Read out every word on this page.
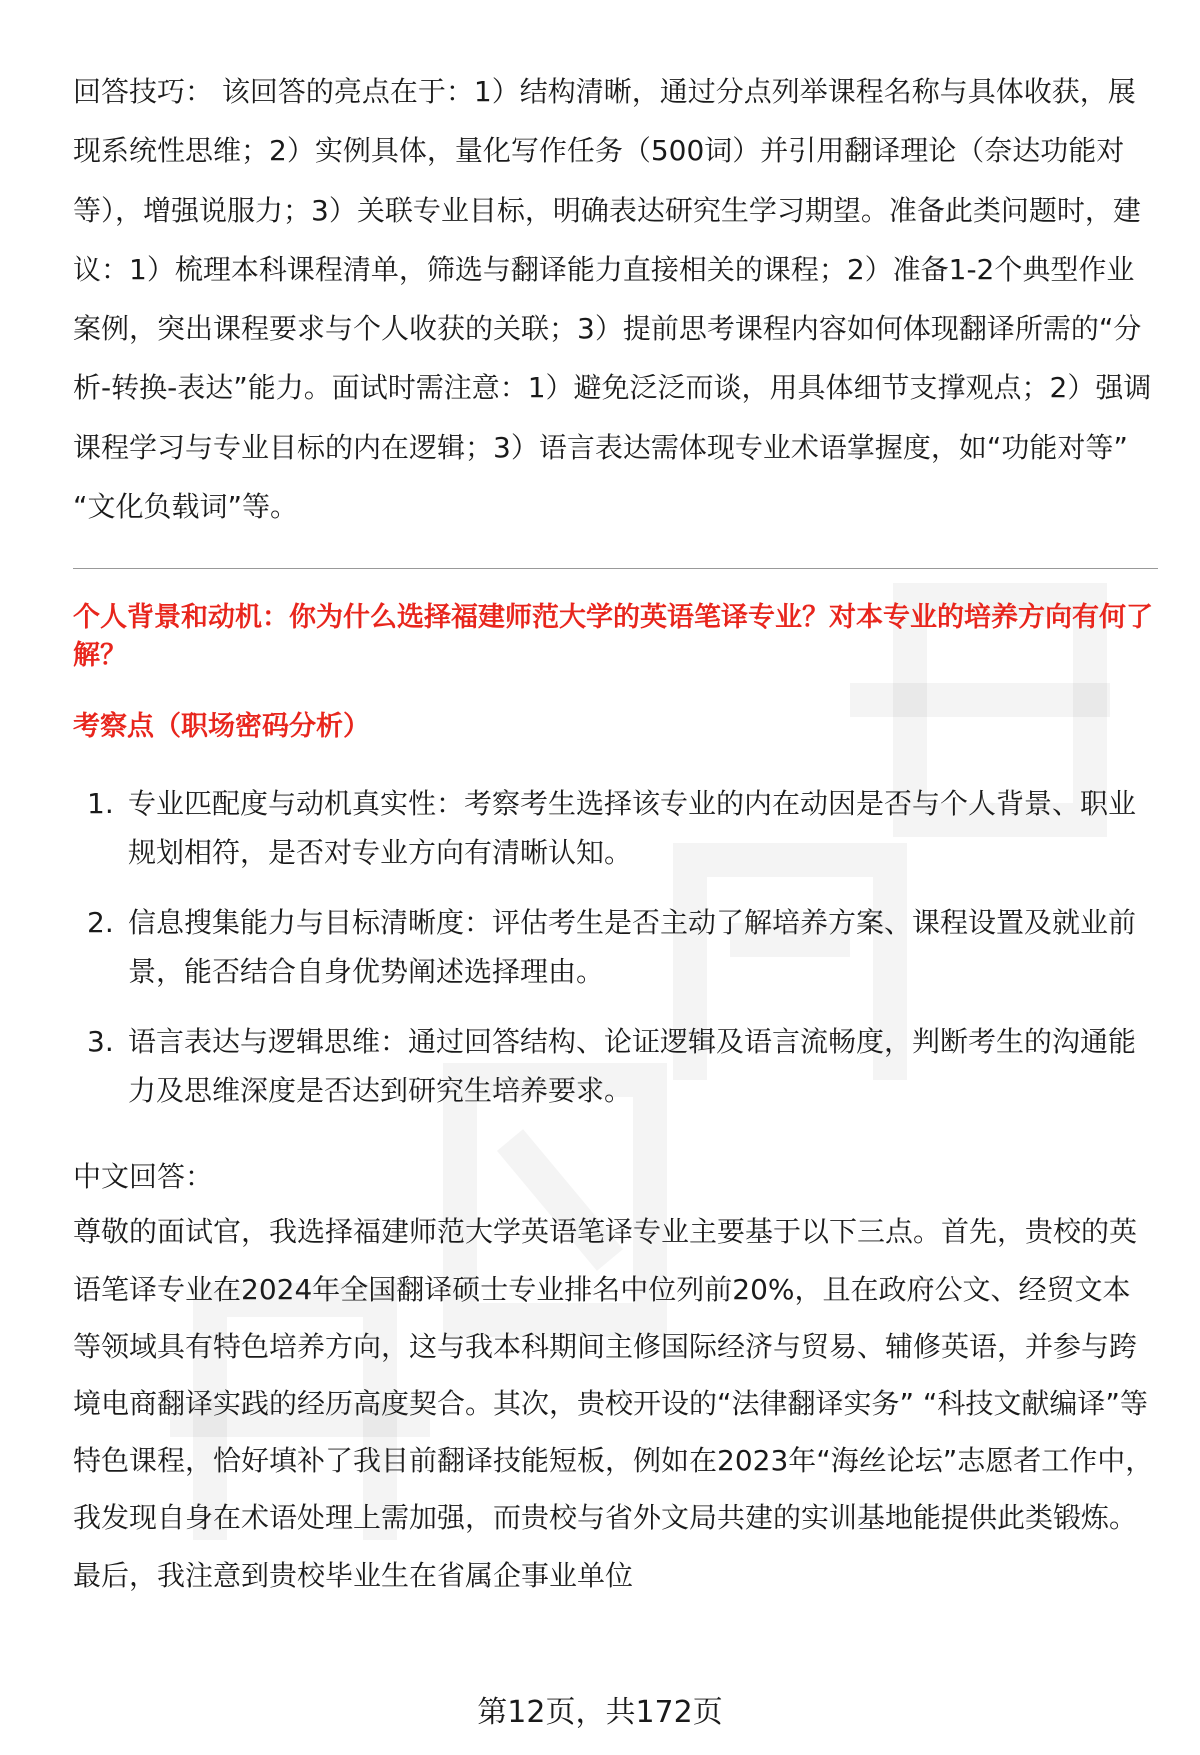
回答技巧： 该回答的亮点在于：1）结构清晰，通过分点列举课程名称与具体收获，展现系统性思维；2）实例具体，量化写作任务（500词）并引用翻译理论（奈达功能对等），增强说服力；3）关联专业目标，明确表达研究生学习期望。准备此类问题时，建议：1）梳理本科课程清单，筛选与翻译能力直接相关的课程；2）准备1-2个典型作业案例，突出课程要求与个人收获的关联；3）提前思考课程内容如何体现翻译所需的“分析-转换-表达”能力。面试时需注意：1）避免泛泛而谈，用具体细节支撑观点；2）强调课程学习与专业目标的内在逻辑；3）语言表达需体现专业术语掌握度，如“功能对等” “文化负载词”等。

个人背景和动机：你为什么选择福建师范大学的英语笔译专业？对本专业的培养方向有何了解？
考察点（职场密码分析）
1. 专业匹配度与动机真实性：考察考生选择该专业的内在动因是否与个人背景、职业规划相符，是否对专业方向有清晰认知。
2. 信息搜集能力与目标清晰度：评估考生是否主动了解培养方案、课程设置及就业前景，能否结合自身优势阐述选择理由。
3. 语言表达与逻辑思维：通过回答结构、论证逻辑及语言流畅度，判断考生的沟通能力及思维深度是否达到研究生培养要求。
中文回答：

尊敬的面试官，我选择福建师范大学英语笔译专业主要基于以下三点。首先，贵校的英语笔译专业在2024年全国翻译硕士专业排名中位列前20%，且在政府公文、经贸文本等领域具有特色培养方向，这与我本科期间主修国际经济与贸易、辅修英语，并参与跨境电商翻译实践的经历高度契合。其次，贵校开设的“法律翻译实务” “科技文献编译”等特色课程，恰好填补了我目前翻译技能短板，例如在2023年“海丝论坛”志愿者工作中，我发现自身在术语处理上需加强，而贵校与省外文局共建的实训基地能提供此类锻炼。最后，我注意到贵校毕业生在省属企事业单位

第12页，共172页
